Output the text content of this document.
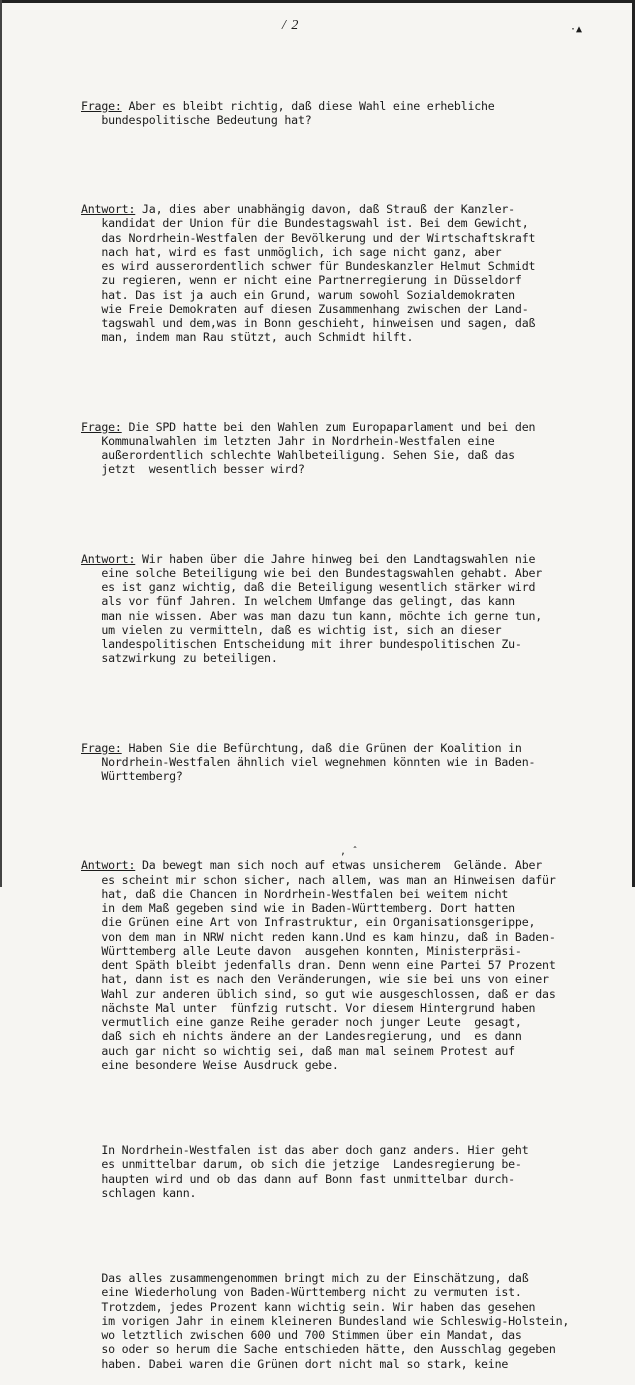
/ 2	·▲

Frage: Aber es bleibt richtig, daß diese Wahl eine erhebliche
bundespolitische Bedeutung hat?

Antwort: Ja, dies aber unabhängig davon, daß Strauß der Kanzler-
kandidat der Union für die Bundestagswahl ist. Bei dem Gewicht,
das Nordrhein-Westfalen der Bevölkerung und der Wirtschaftskraft
nach hat, wird es fast unmöglich, ich sage nicht ganz, aber
es wird ausserordentlich schwer für Bundeskanzler Helmut Schmidt
zu regieren, wenn er nicht eine Partnerregierung in Düsseldorf
hat. Das ist ja auch ein Grund, warum sowohl Sozialdemokraten
wie Freie Demokraten auf diesen Zusammenhang zwischen der Land-
tagswahl und dem,was in Bonn geschieht, hinweisen und sagen, daß
man, indem man Rau stützt, auch Schmidt hilft.

Frage: Die SPD hatte bei den Wahlen zum Europaparlament und bei den
Kommunalwahlen im letzten Jahr in Nordrhein-Westfalen eine
außerordentlich schlechte Wahlbeteiligung. Sehen Sie, daß das
jetzt  wesentlich besser wird?

Antwort: Wir haben über die Jahre hinweg bei den Landtagswahlen nie
eine solche Beteiligung wie bei den Bundestagswahlen gehabt. Aber
es ist ganz wichtig, daß die Beteiligung wesentlich stärker wird
als vor fünf Jahren. In welchem Umfange das gelingt, das kann
man nie wissen. Aber was man dazu tun kann, möchte ich gerne tun,
um vielen zu vermitteln, daß es wichtig ist, sich an dieser
landespolitischen Entscheidung mit ihrer bundespolitischen Zu-
satzwirkung zu beteiligen.

Frage: Haben Sie die Befürchtung, daß die Grünen der Koalition in
Nordrhein-Westfalen ähnlich viel wegnehmen könnten wie in Baden-
Württemberg?

Antwort: Da bewegt man sich noch auf etwas unsicherem  Gelände. Aber
es scheint mir schon sicher, nach allem, was man an Hinweisen dafür
hat, daß die Chancen in Nordrhein-Westfalen bei weitem nicht
in dem Maß gegeben sind wie in Baden-Württemberg. Dort hatten
die Grünen eine Art von Infrastruktur, ein Organisationsgerippe,
von dem man in NRW nicht reden kann.Und es kam hinzu, daß in Baden-
Württemberg alle Leute davon  ausgehen konnten, Ministerpräsi-
dent Späth bleibt jedenfalls dran. Denn wenn eine Partei 57 Prozent
hat, dann ist es nach den Veränderungen, wie sie bei uns von einer
Wahl zur anderen üblich sind, so gut wie ausgeschlossen, daß er das
nächste Mal unter  fünfzig rutscht. Vor diesem Hintergrund haben
vermutlich eine ganze Reihe gerader noch junger Leute  gesagt,
daß sich eh nichts ändere an der Landesregierung, und  es dann
auch gar nicht so wichtig sei, daß man mal seinem Protest auf
eine besondere Weise Ausdruck gebe.

In Nordrhein-Westfalen ist das aber doch ganz anders. Hier geht
es unmittelbar darum, ob sich die jetzige  Landesregierung be-
haupten wird und ob das dann auf Bonn fast unmittelbar durch-
schlagen kann.

Das alles zusammengenommen bringt mich zu der Einschätzung, daß
eine Wiederholung von Baden-Württemberg nicht zu vermuten ist.
Trotzdem, jedes Prozent kann wichtig sein. Wir haben das gesehen
im vorigen Jahr in einem kleineren Bundesland wie Schleswig-Holstein,
wo letztlich zwischen 600 und 700 Stimmen über ein Mandat, das
so oder so herum die Sache entschieden hätte, den Ausschlag gegeben
haben. Dabei waren die Grünen dort nicht mal so stark, keine

‚ ˆ
